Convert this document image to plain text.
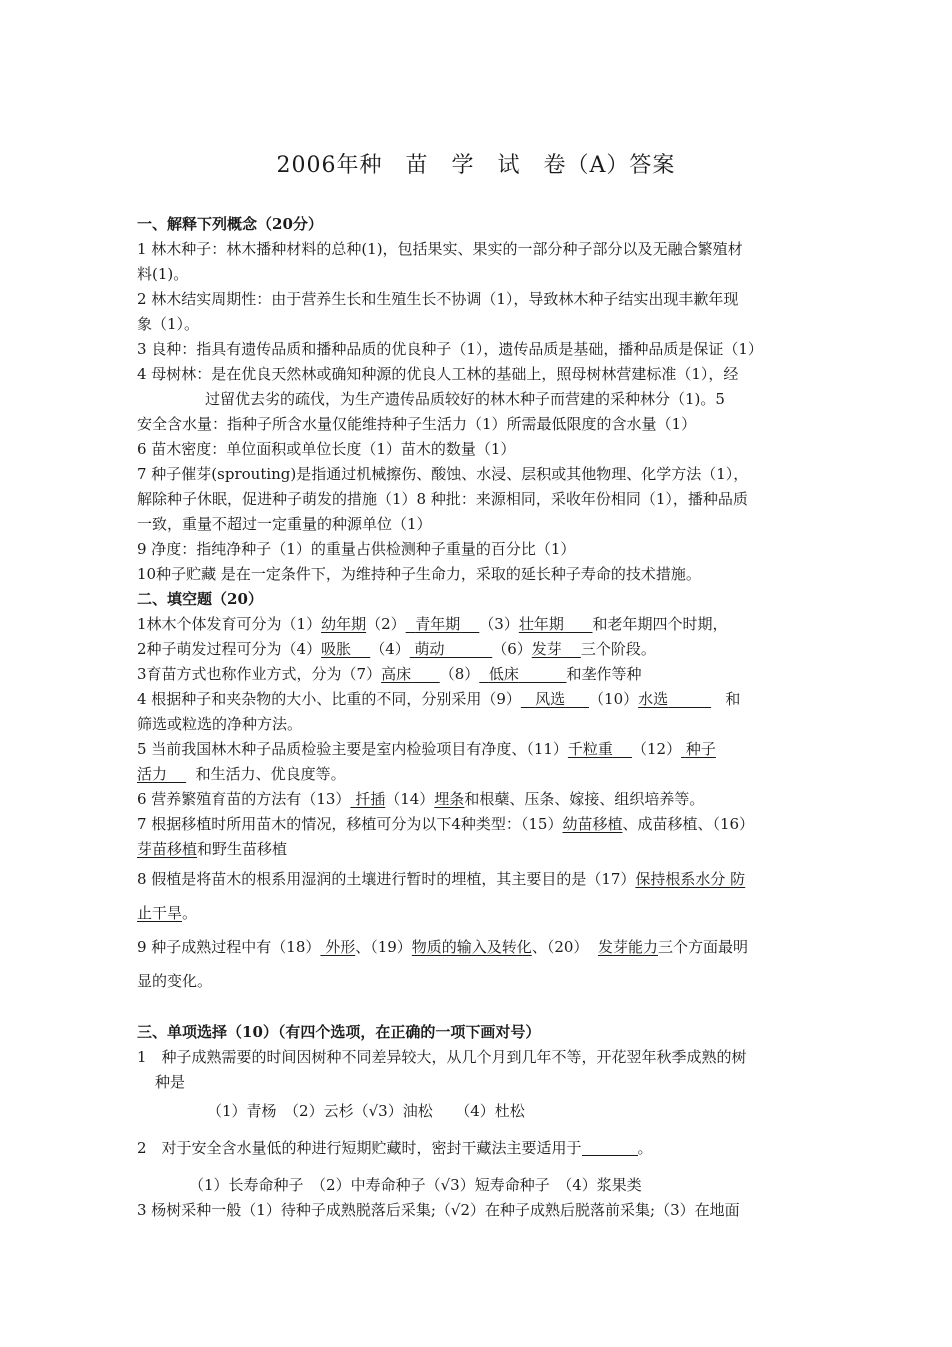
2006年种　苗　学　试　卷（A）答案

一、解释下列概念（20分）

1 林木种子：林木播种材料的总种(1)，包括果实、果实的一部分种子部分以及无融合繁殖材

料(1)。

2 林木结实周期性：由于营养生长和生殖生长不协调（1），导致林木种子结实出现丰歉年现

象（1）。

3 良种：指具有遗传品质和播种品质的优良种子（1），遗传品质是基础，播种品质是保证（1）

4 母树林：是在优良天然林或确知种源的优良人工林的基础上，照母树林营建标准（1），经

过留优去劣的疏伐，为生产遗传品质较好的林木种子而营建的采种林分（1)。5

安全含水量：指种子所含水量仅能维持种子生活力（1）所需最低限度的含水量（1）

6 苗木密度：单位面积或单位长度（1）苗木的数量（1）

7 种子催芽(sprouting)是指通过机械擦伤、酸蚀、水浸、层积或其他物理、化学方法（1），

解除种子休眠，促进种子萌发的措施（1）8 种批：来源相同，采收年份相同（1），播种品质

一致，重量不超过一定重量的种源单位（1）

9 净度：指纯净种子（1）的重量占供检测种子重量的百分比（1）

10种子贮藏 是在一定条件下，为维持种子生命力，采取的延长种子寿命的技术措施。

二、填空题（20）

1林木个体发育可分为（1）幼年期（2） 青年期 （3）壮年期 和老年期四个时期，

2种子萌发过程可分为（4）吸胀 （4） 萌动	（6）发芽 三个阶段。

3育苗方式也称作业方式，分为（7）高床 （8） 低床	和垄作等种

4 根据种子和夹杂物的大小、比重的不同，分别采用（9） 风选 （10）水选	和

筛选或粒选的净种方法。

5 当前我国林木种子品质检验主要是室内检验项目有净度、（11）千粒重 （12） 种子

活力 和生活力、优良度等。

6 营养繁殖育苗的方法有（13） 扦插（14）埋条和根蘖、压条、嫁接、组织培养等。

7 根据移植时所用苗木的情况，移植可分为以下4种类型：（15）幼苗移植、成苗移植、（16）

芽苗移植和野生苗移植

8 假植是将苗木的根系用湿润的土壤进行暂时的埋植，其主要目的是（17）保持根系水分 防

止干旱。

9 种子成熟过程中有（18） 外形、（19）物质的输入及转化、（20） 发芽能力三个方面最明

显的变化。

三、单项选择（10）（有四个选项，在正确的一项下画对号）

1　种子成熟需要的时间因树种不同差异较大，从几个月到几年不等，开花翌年秋季成熟的树

种是

（1）青杨　（2）云杉（√3）油松　　（4）杜松

2　对于安全含水量低的种进行短期贮藏时，密封干藏法主要适用于	。

（1）长寿命种子　（2）中寿命种子（√3）短寿命种子　（4）浆果类

3 杨树采种一般（1）待种子成熟脱落后采集;（√2）在种子成熟后脱落前采集;（3）在地面
